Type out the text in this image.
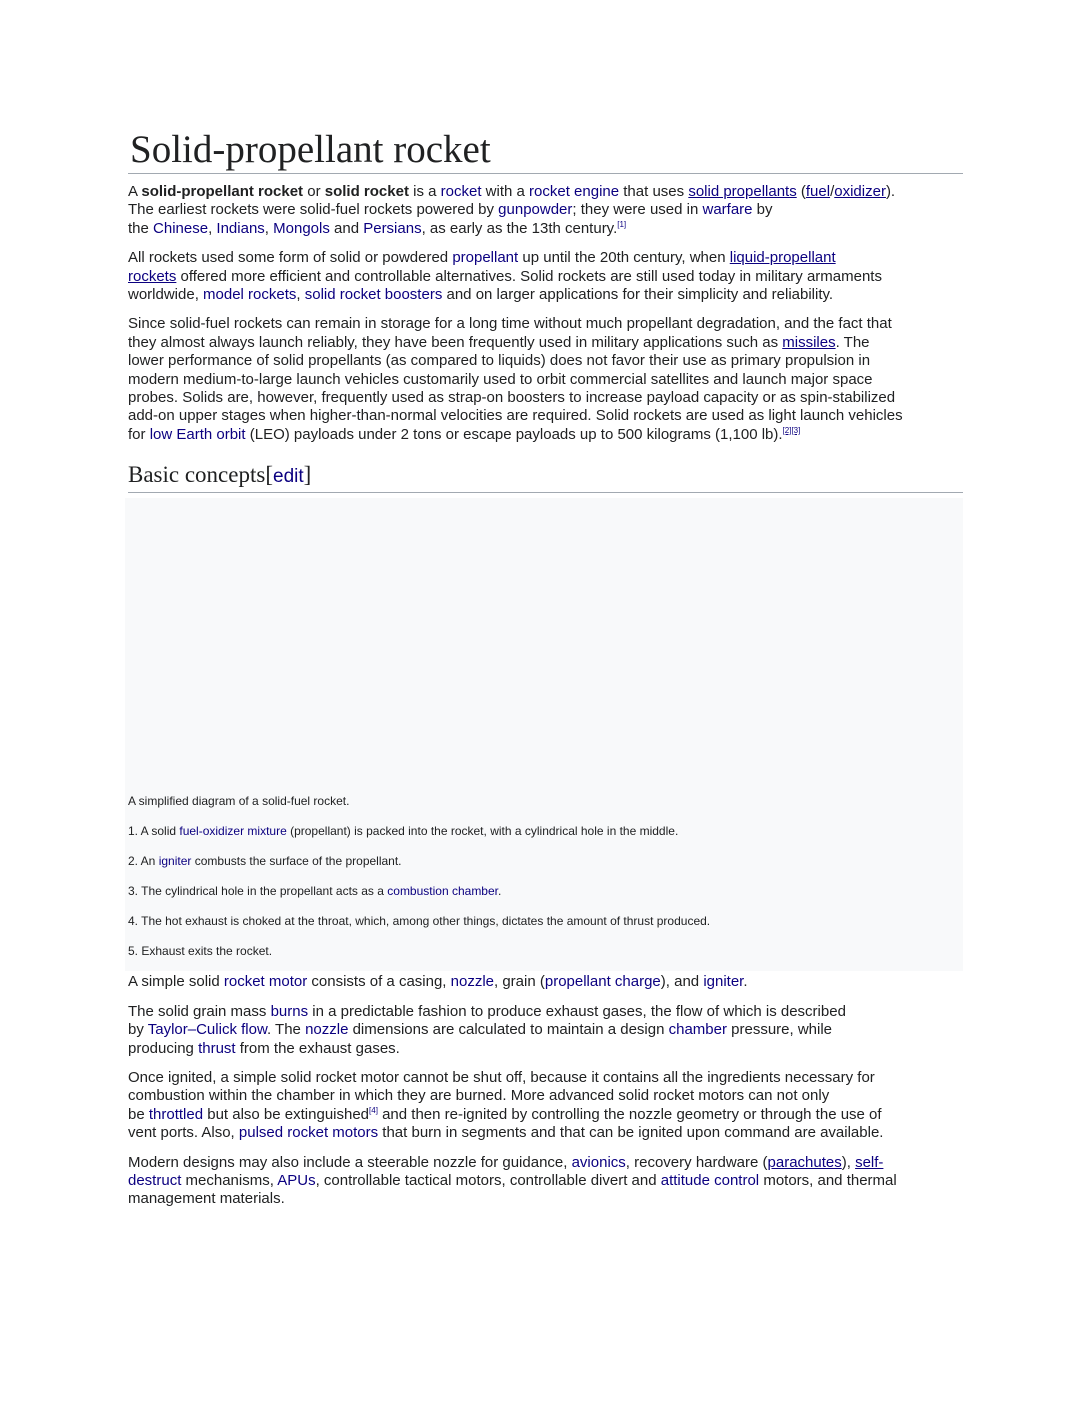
Solid-propellant rocket

A solid-propellant rocket or solid rocket is a rocket with a rocket engine that uses solid propellants (fuel/oxidizer).
The earliest rockets were solid-fuel rockets powered by gunpowder; they were used in warfare by
the Chinese, Indians, Mongols and Persians, as early as the 13th century.[1]

All rockets used some form of solid or powdered propellant up until the 20th century, when liquid-propellant
rockets offered more efficient and controllable alternatives. Solid rockets are still used today in military armaments
worldwide, model rockets, solid rocket boosters and on larger applications for their simplicity and reliability.

Since solid-fuel rockets can remain in storage for a long time without much propellant degradation, and the fact that
they almost always launch reliably, they have been frequently used in military applications such as missiles. The
lower performance of solid propellants (as compared to liquids) does not favor their use as primary propulsion in
modern medium-to-large launch vehicles customarily used to orbit commercial satellites and launch major space
probes. Solids are, however, frequently used as strap-on boosters to increase payload capacity or as spin-stabilized
add-on upper stages when higher-than-normal velocities are required. Solid rockets are used as light launch vehicles
for low Earth orbit (LEO) payloads under 2 tons or escape payloads up to 500 kilograms (1,100 lb).[2][3]

Basic concepts[edit]
A simplified diagram of a solid-fuel rocket.
1. A solid fuel-oxidizer mixture (propellant) is packed into the rocket, with a cylindrical hole in the middle.
2. An igniter combusts the surface of the propellant.
3. The cylindrical hole in the propellant acts as a combustion chamber.
4. The hot exhaust is choked at the throat, which, among other things, dictates the amount of thrust produced.
5. Exhaust exits the rocket.

A simple solid rocket motor consists of a casing, nozzle, grain (propellant charge), and igniter.

The solid grain mass burns in a predictable fashion to produce exhaust gases, the flow of which is described
by Taylor–Culick flow. The nozzle dimensions are calculated to maintain a design chamber pressure, while
producing thrust from the exhaust gases.

Once ignited, a simple solid rocket motor cannot be shut off, because it contains all the ingredients necessary for
combustion within the chamber in which they are burned. More advanced solid rocket motors can not only
be throttled but also be extinguished[4] and then re-ignited by controlling the nozzle geometry or through the use of
vent ports. Also, pulsed rocket motors that burn in segments and that can be ignited upon command are available.

Modern designs may also include a steerable nozzle for guidance, avionics, recovery hardware (parachutes), self-
destruct mechanisms, APUs, controllable tactical motors, controllable divert and attitude control motors, and thermal
management materials.
